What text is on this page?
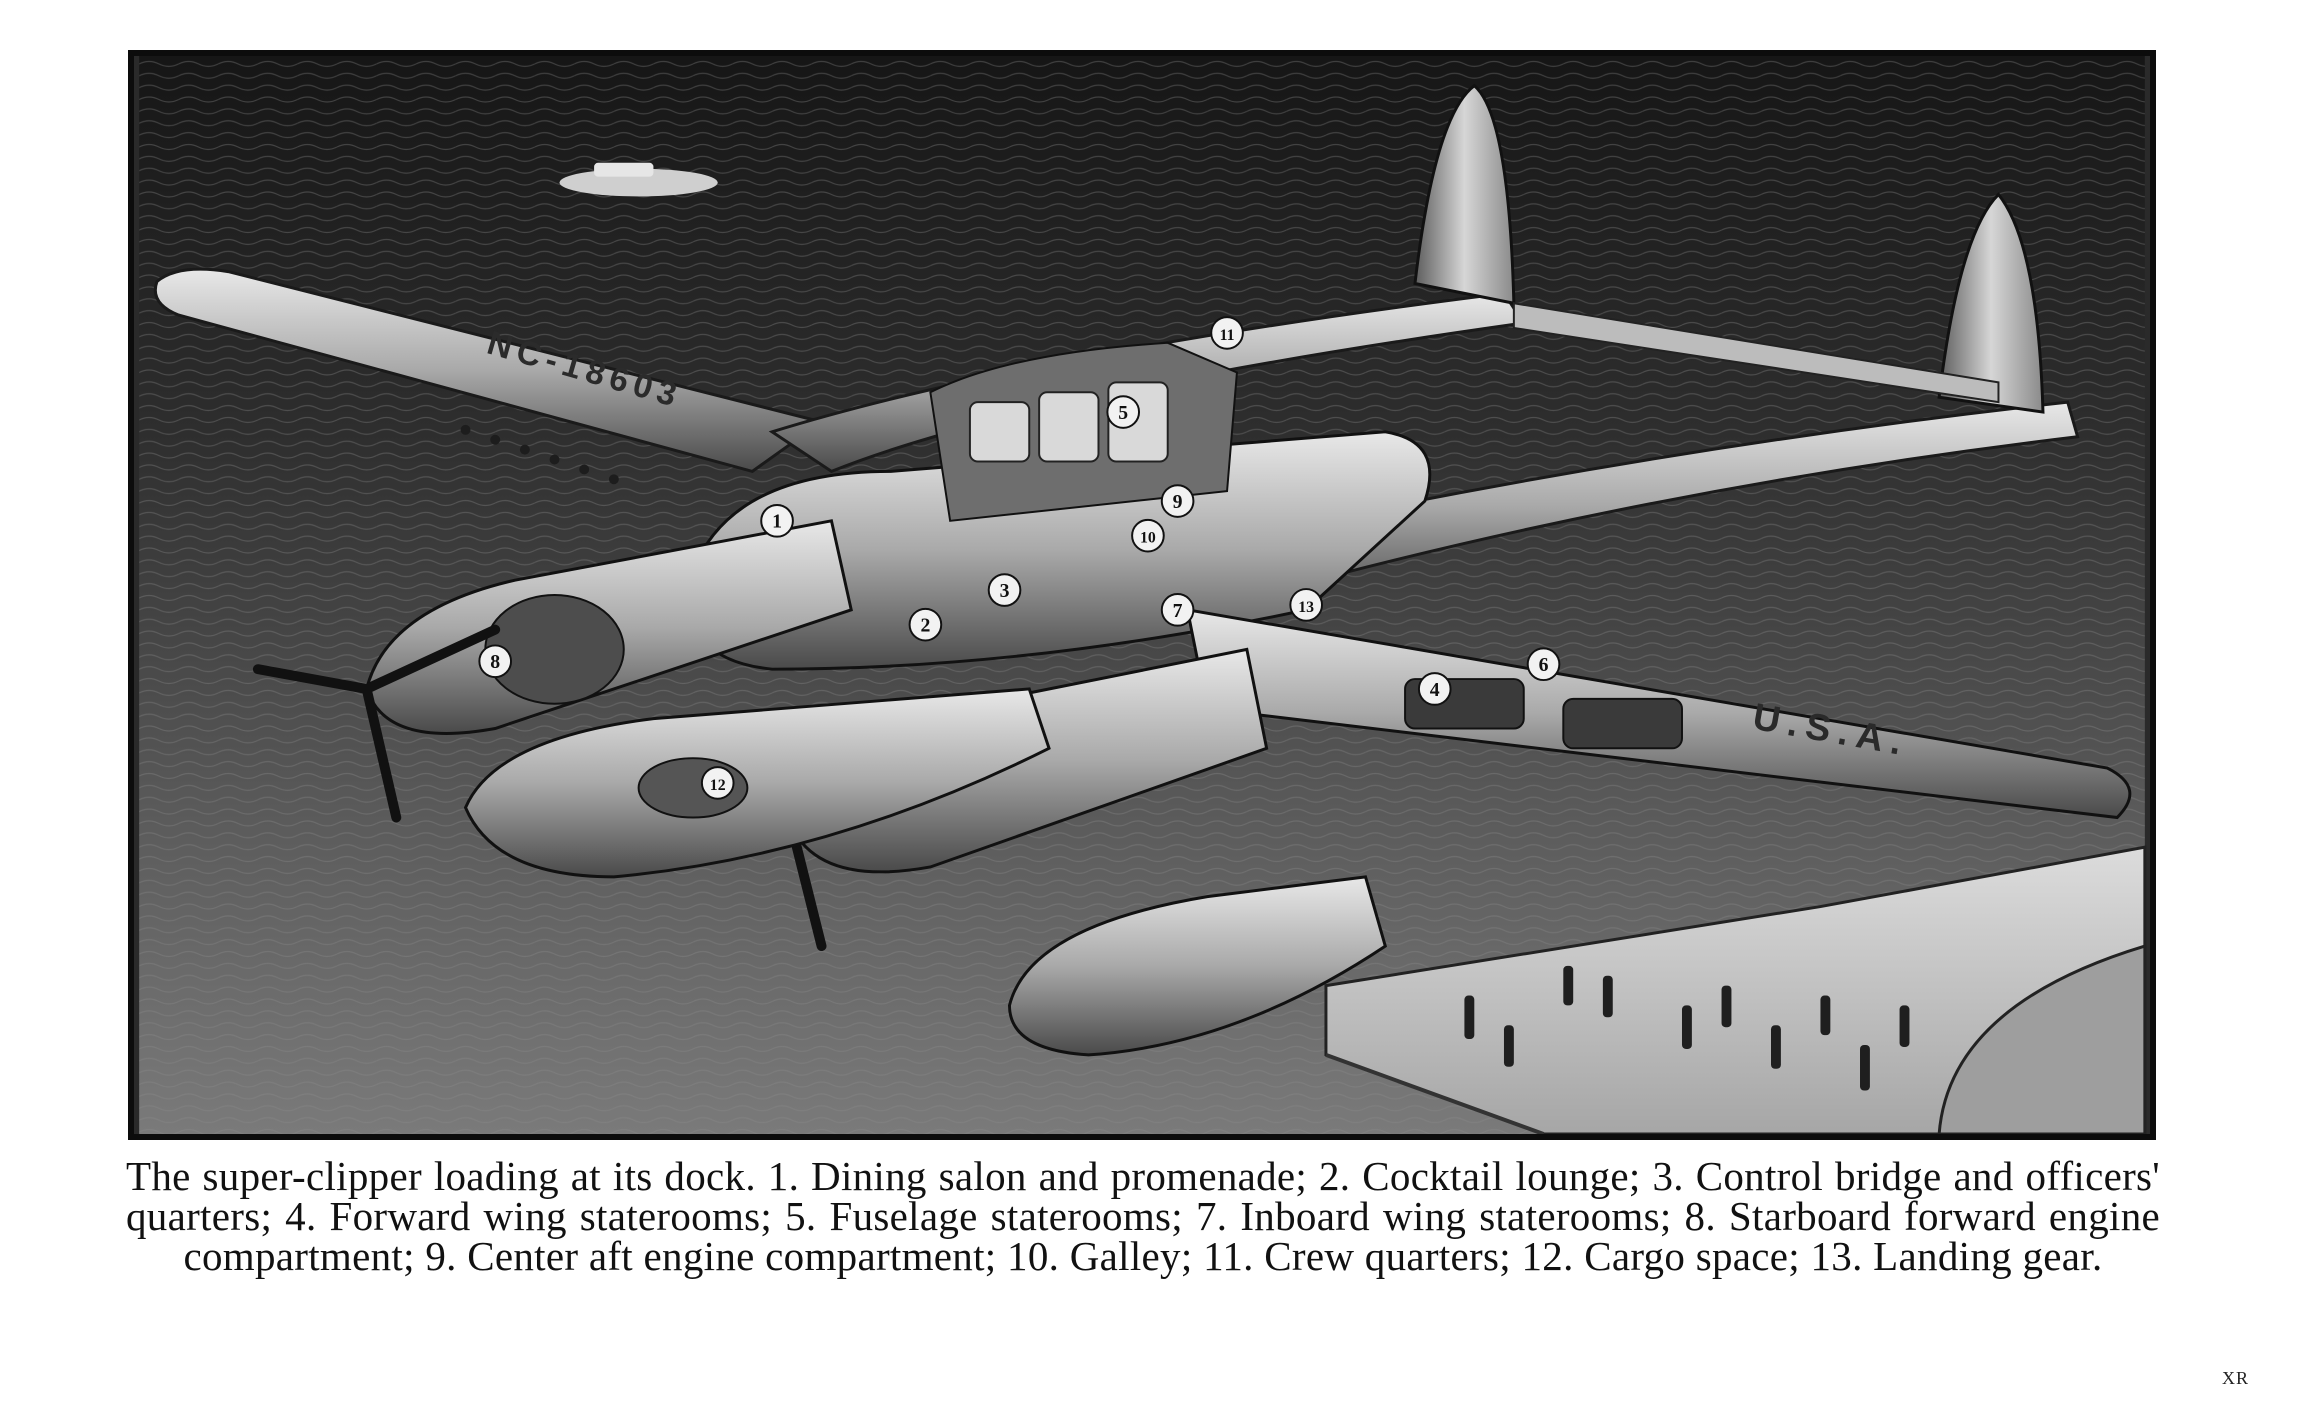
NC-18603
U.S.A.
1
2
3
4
5
6
7
8
9
10
11
12
13
The super-clipper loading at its dock. 1. Dining salon and promenade; 2. Cocktail lounge; 3. Control bridge and officers' quarters; 4. Forward wing staterooms; 5. Fuselage staterooms; 7. Inboard wing staterooms; 8. Starboard forward engine compartment; 9. Center aft engine compartment; 10. Galley; 11. Crew quarters; 12. Cargo space; 13. Landing gear.
XR
